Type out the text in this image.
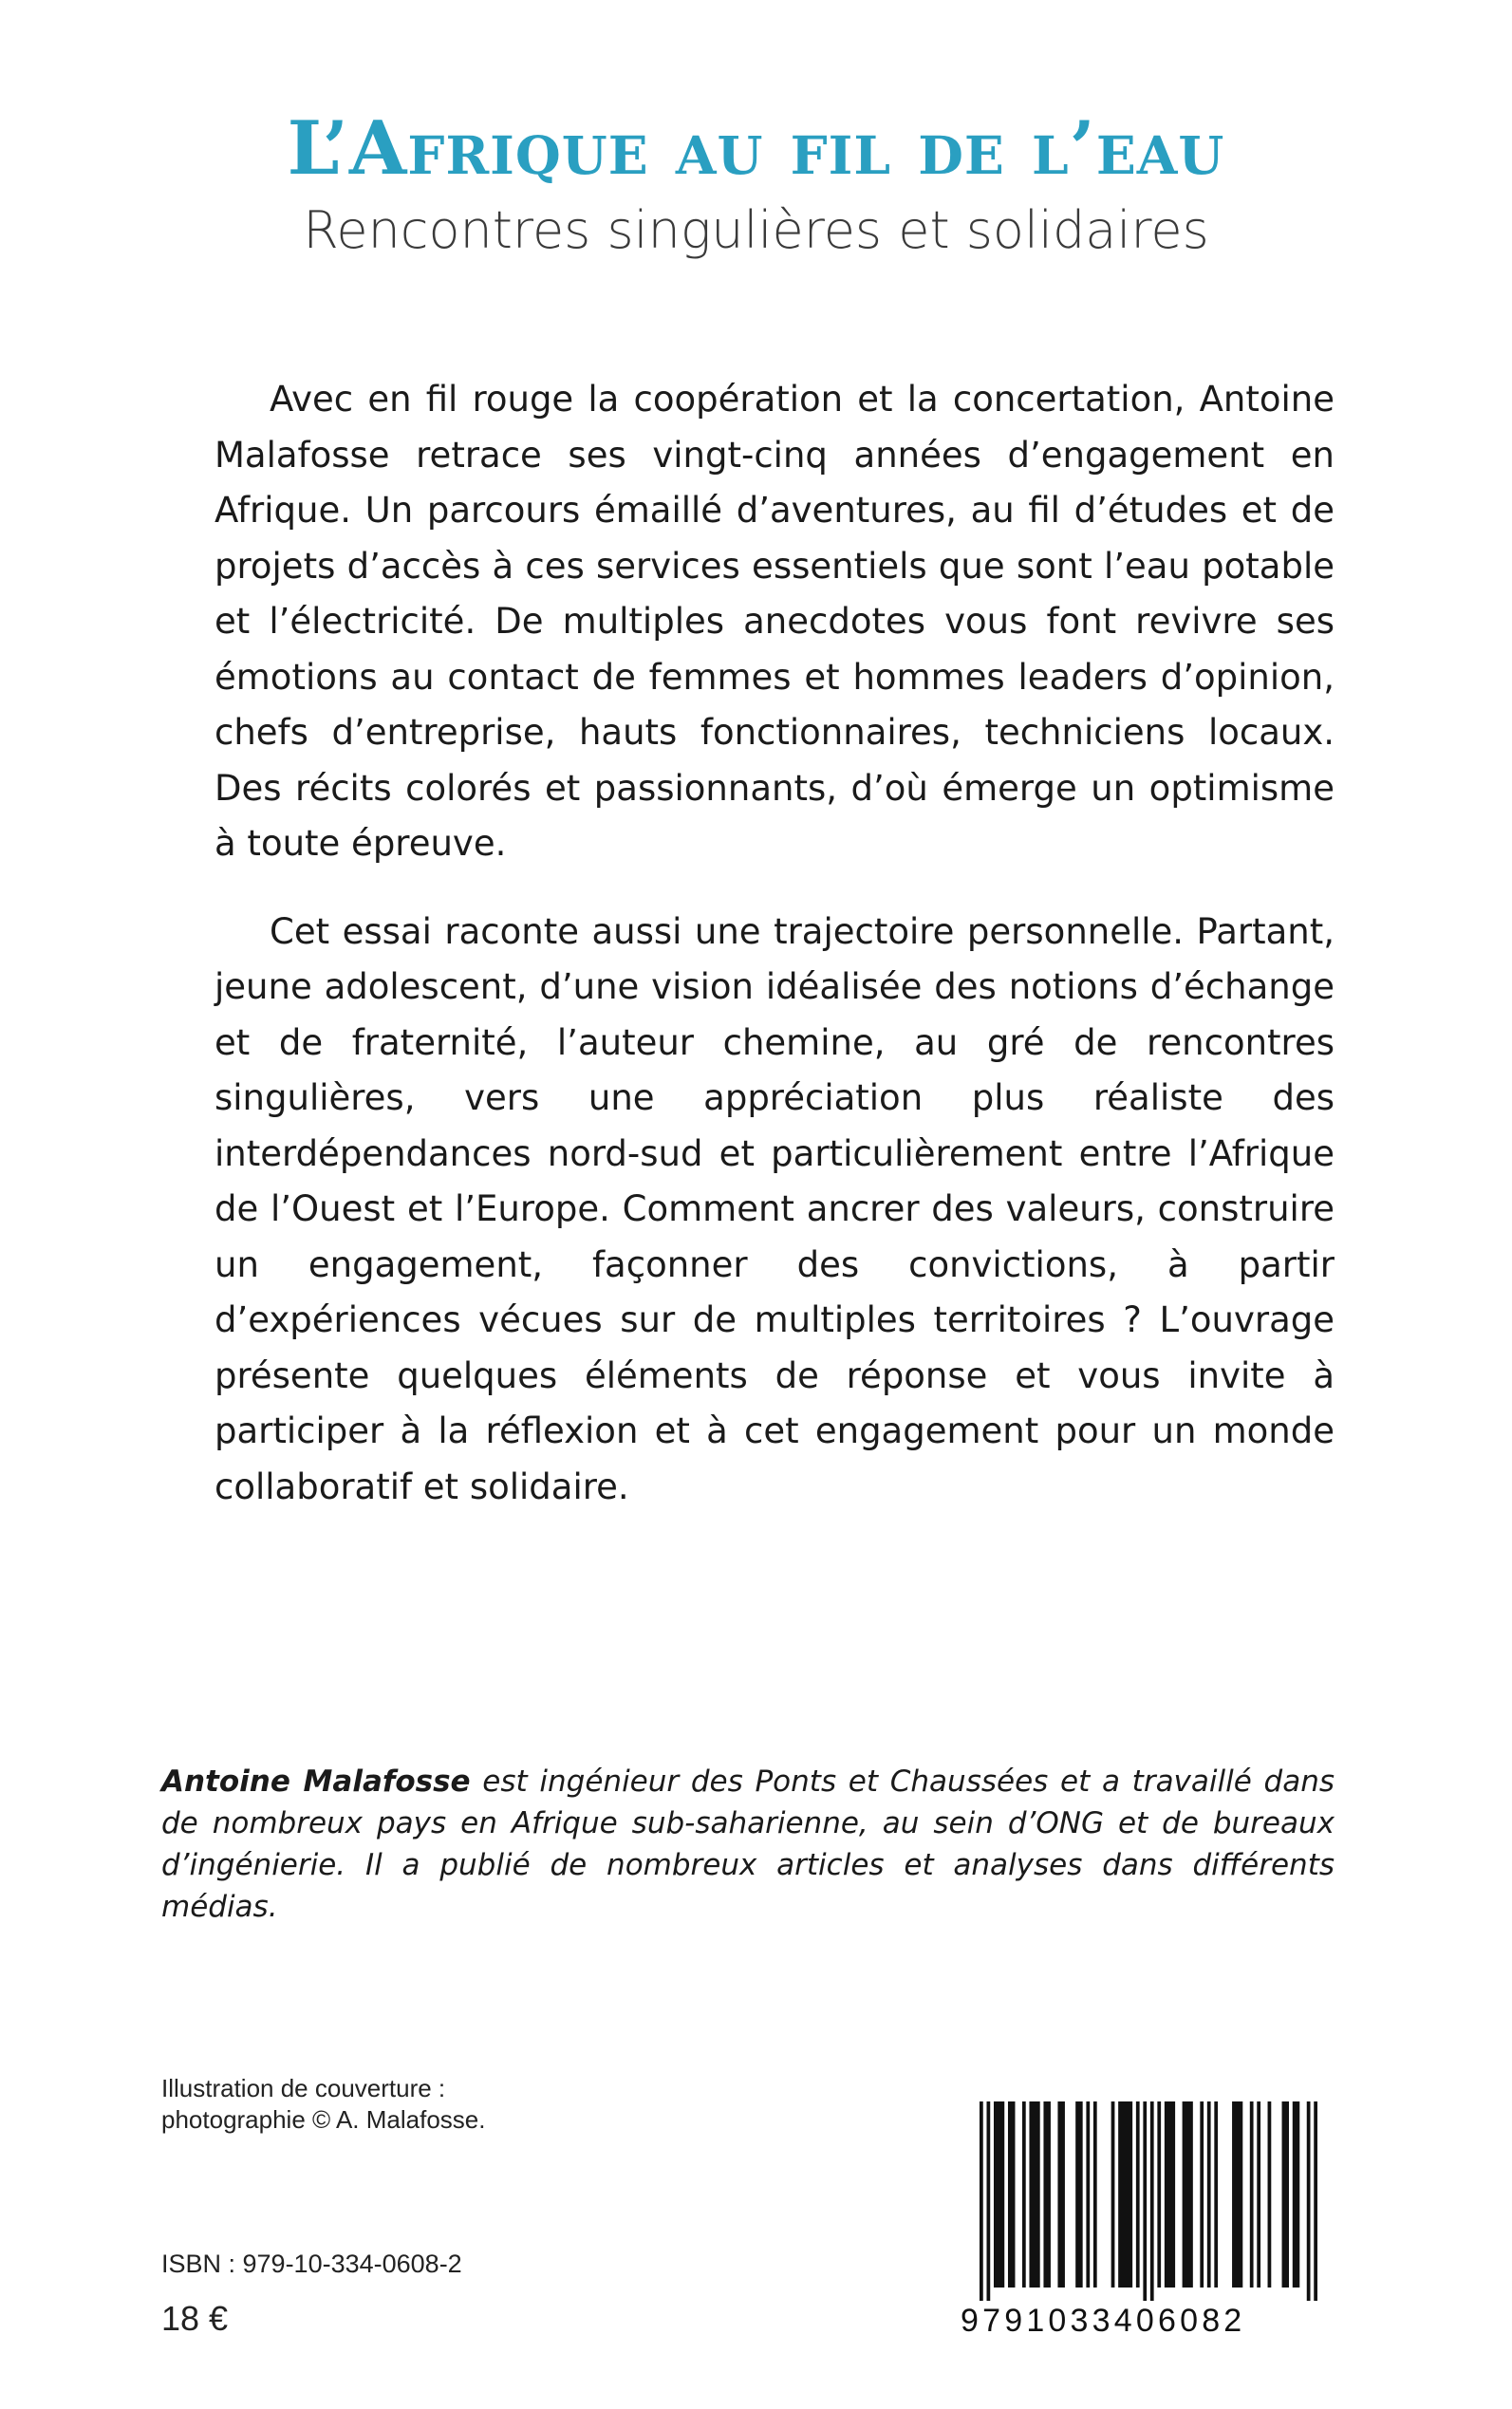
L’Afrique au fil de l’eau
Rencontres singulières et solidaires

Avec en fil rouge la coopération et la concertation, Antoine Malafosse retrace ses vingt-cinq années d’engagement en Afrique. Un parcours émaillé d’aventures, au fil d’études et de projets d’accès à ces services essentiels que sont l’eau potable et l’électricité. De multiples anecdotes vous font revivre ses émotions au contact de femmes et hommes leaders d’opinion, chefs d’entreprise, hauts fonctionnaires, techniciens locaux. Des récits colorés et passionnants, d’où émerge un optimisme à toute épreuve.

Cet essai raconte aussi une trajectoire personnelle. Partant, jeune adolescent, d’une vision idéalisée des notions d’échange et de fraternité, l’auteur chemine, au gré de rencontres singulières, vers une appréciation plus réaliste des interdépendances nord-sud et particulièrement entre l’Afrique de l’Ouest et l’Europe. Comment ancrer des valeurs, construire un engagement, façonner des convictions, à partir d’expériences vécues sur de multiples territoires ? L’ouvrage présente quelques éléments de réponse et vous invite à participer à la réflexion et à cet engagement pour un monde collaboratif et solidaire.

Antoine Malafosse est ingénieur des Ponts et Chaussées et a travaillé dans de nombreux pays en Afrique sub-saharienne, au sein d’ONG et de bureaux d’ingénierie. Il a publié de nombreux articles et analyses dans différents médias.
Illustration de couverture :
photographie © A. Malafosse.
ISBN : 979-10-334-0608-2
18 €	9791033406082
